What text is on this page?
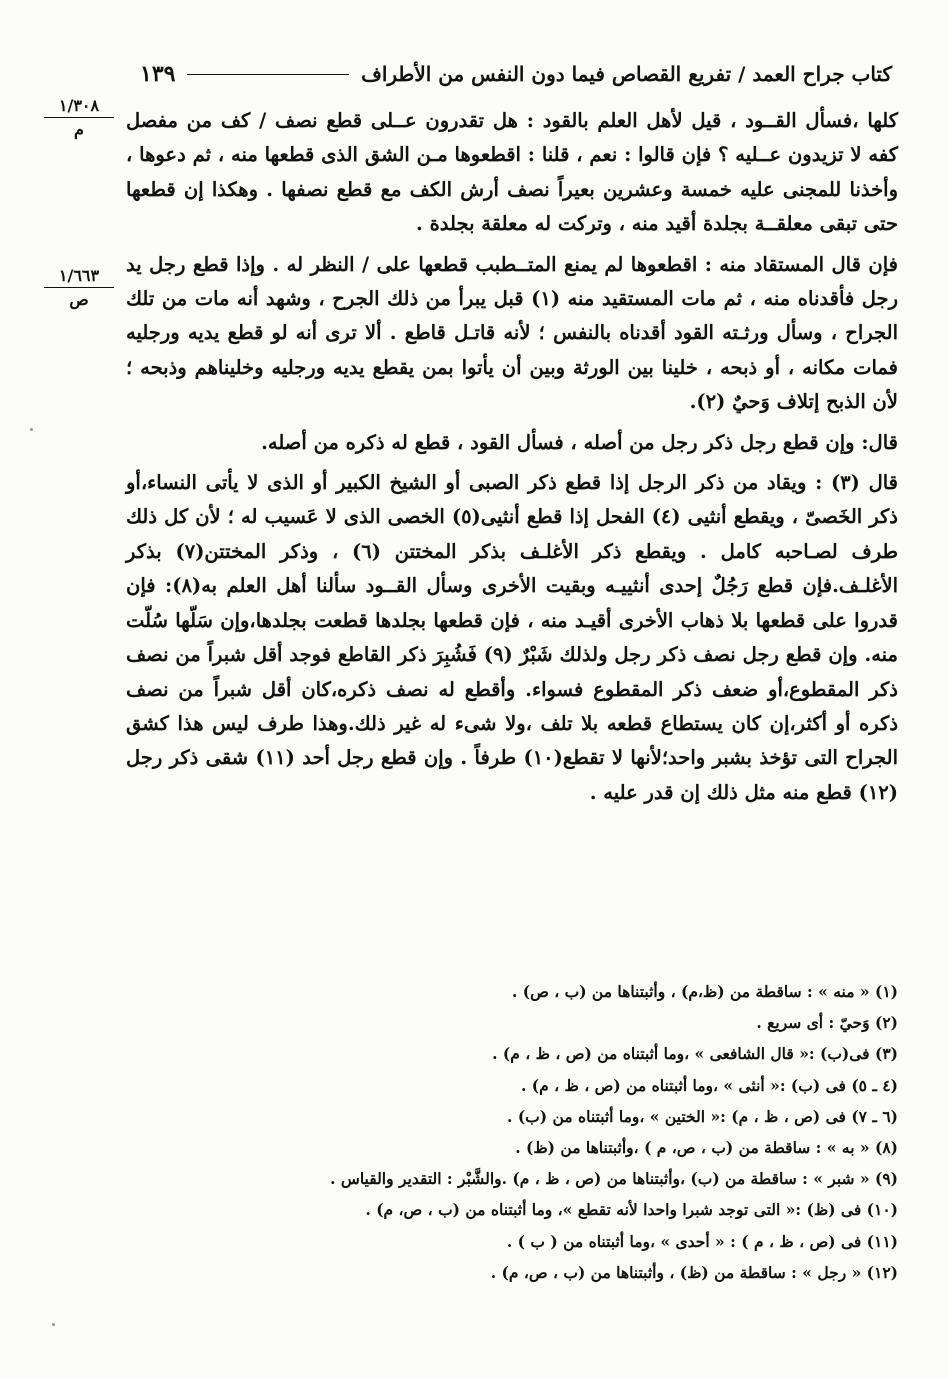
كتاب جراح العمد / تفريع القصاص فيما دون النفس من الأطراف
١٣٩
١/٣٠٨
م
١/٦٦٣
ص

كلها ،فسأل القــود ، قيل لأهل العلم بالقود : هل تقدرون عــلى قطع نصف / كف من مفصل كفه لا تزيدون عــليه ؟ فإن قالوا : نعم ، قلنا : اقطعوها مـن الشق الذى قطعها منه ، ثم دعوها ، وأخذنا للمجنى عليه خمسة وعشرين بعيراً نصف أرش الكف مع قطع نصفها . وهكذا إن قطعها حتى تبقى معلقــة بجلدة أقيد منه ، وتركت له معلقة بجلدة .

فإن قال المستقاد منه : اقطعوها لم يمنع المتــطبب قطعها على / النظر له . وإذا قطع رجل يد رجل فأقدناه منه ، ثم مات المستقيد منه (١) قبل يبرأ من ذلك الجرح ، وشهد أنه مات من تلك الجراح ، وسأل ورثـته القود أقدناه بالنفس ؛ لأنه قاتـل قاطع . ألا ترى أنه لو قطع يديه ورجليه فمات مكانه ، أو ذبحه ، خلينا بين الورثة وبين أن يأتوا بمن يقطع يديه ورجليه وخليناهم وذبحه ؛ لأن الذبح إتلاف وَحيٌ (٢).

قال: وإن قطع رجل ذكر رجل من أصله ، فسأل القود ، قطع له ذكره من أصله.

قال (٣) : ويقاد من ذكر الرجل إذا قطع ذكر الصبى أو الشيخ الكبير أو الذى لا يأتى النساء،أو ذكر الخَصىّ ، ويقطع أنثيى (٤) الفحل إذا قطع أنثيى(٥) الخصى الذى لا عَسيب له ؛ لأن كل ذلك طرف لصـاحبه كامل . ويقطع ذكر الأغلـف بذكر المختتن (٦) ، وذكر المختتن(٧) بذكر الأغلـف.فإن قطع رَجُلٌ إحدى أنثييـه وبقيت الأخرى وسأل القــود سألنا أهل العلم به(٨): فإن قدروا على قطعها بلا ذهاب الأخرى أقيـد منه ، فإن قطعها بجلدها قطعت بجلدها،وإن سَلّها سُلّت منه. وإن قطع رجل نصف ذكر رجل ولذلك شَبْرٌ (٩) فَشُبِرَ ذكر القاطع فوجد أقل شبراً من نصف ذكر المقطوع،أو ضعف ذكر المقطوع فسواء. وأقطع له نصف ذكره،كان أقل شبراً من نصف ذكره أو أكثر،إن كان يستطاع قطعه بلا تلف ،ولا شىء له غير ذلك.وهذا طرف ليس هذا كشق الجراح التى تؤخذ بشبر واحد؛لأنها لا تقطع(١٠) طرفاً . وإن قطع رجل أحد (١١) شقى ذكر رجل (١٢) قطع منه مثل ذلك إن قدر عليه .

(١) « منه » : ساقطة من (ظ،م) ، وأثبتناها من (ب ، ص) .

(٢) وَحيّ : أى سريع .

(٣) فى(ب) :« قال الشافعى » ،وما أثبتناه من (ص ، ظ ، م) .

(٤ ـ ٥) فى (ب) :« أنثى » ،وما أثبتناه من (ص ، ظ ، م) .

(٦ ـ ٧) فى (ص ، ظ ، م) :« الختين » ،وما أثبتناه من (ب) .

(٨) « به » : ساقطة من (ب ، ص، م ) ،وأثبتناها من (ظ) .

(٩) « شبر » : ساقطة من (ب) ،وأثبتناها من (ص ، ظ ، م) .والشَّبْر : التقدير والقياس .

(١٠) فى (ظ) :« التى توجد شبرا واحدا لأنه تقطع »، وما أثبتناه من (ب ، ص، م) .

(١١) فى (ص ، ظ ، م ) : « أحدى » ،وما أثبتناه من ( ب ) .

(١٢) « رجل » : ساقطة من (ظ) ، وأثبتناها من (ب ، ص، م) .
